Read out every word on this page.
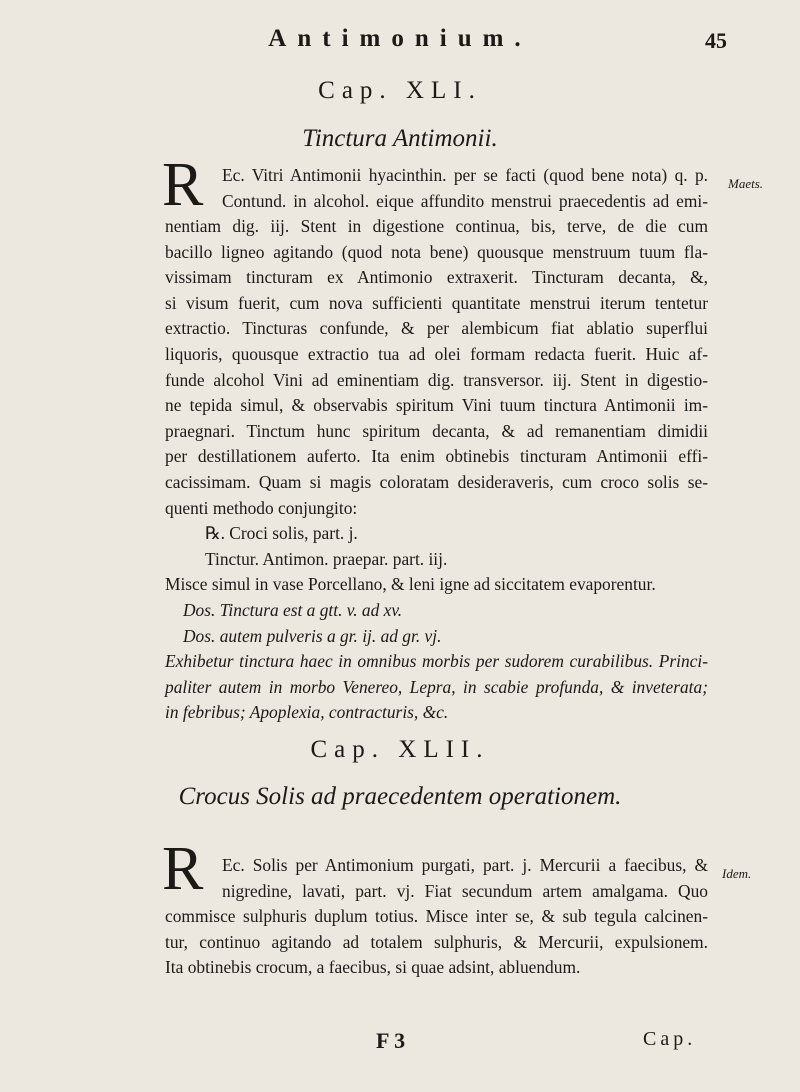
Antimonium.	45
Cap. XLI.
Tinctura Antimonii.
R	Maets.
Ec. Vitri Antimonii hyacinthin. per se facti (quod bene nota) q. p.
Contund. in alcohol. eique affundito menstrui praecedentis ad emi-
nentiam dig. iij. Stent in digestione continua, bis, terve, de die cum
bacillo ligneo agitando (quod nota bene) quousque menstruum tuum fla-
vissimam tincturam ex Antimonio extraxerit. Tincturam decanta, &,
si visum fuerit, cum nova sufficienti quantitate menstrui iterum tentetur
extractio. Tincturas confunde, & per alembicum fiat ablatio superflui
liquoris, quousque extractio tua ad olei formam redacta fuerit. Huic af-
funde alcohol Vini ad eminentiam dig. transversor. iij. Stent in digestio-
ne tepida simul, & observabis spiritum Vini tuum tinctura Antimonii im-
praegnari. Tinctum hunc spiritum decanta, & ad remanentiam dimidii
per destillationem auferto. Ita enim obtinebis tincturam Antimonii effi-
cacissimam. Quam si magis coloratam desideraveris, cum croco solis se-
quenti methodo conjungito:
℞. Croci solis, part. j.
Tinctur. Antimon. praepar. part. iij.
Misce simul in vase Porcellano, & leni igne ad siccitatem evaporentur.
Dos. Tinctura est a gtt. v. ad xv.
Dos. autem pulveris a gr. ij. ad gr. vj.
Exhibetur tinctura haec in omnibus morbis per sudorem curabilibus. Princi-
paliter autem in morbo Venereo, Lepra, in scabie profunda, & inveterata;
in febribus; Apoplexia, contracturis, &c.
Cap. XLII.
Crocus Solis ad praecedentem operationem.
R	Idem.
Ec. Solis per Antimonium purgati, part. j. Mercurii a faecibus, &
nigredine, lavati, part. vj. Fiat secundum artem amalgama. Quo
commisce sulphuris duplum totius. Misce inter se, & sub tegula calcinen-
tur, continuo agitando ad totalem sulphuris, & Mercurii, expulsionem.
Ita obtinebis crocum, a faecibus, si quae adsint, abluendum.
F 3	Cap.
